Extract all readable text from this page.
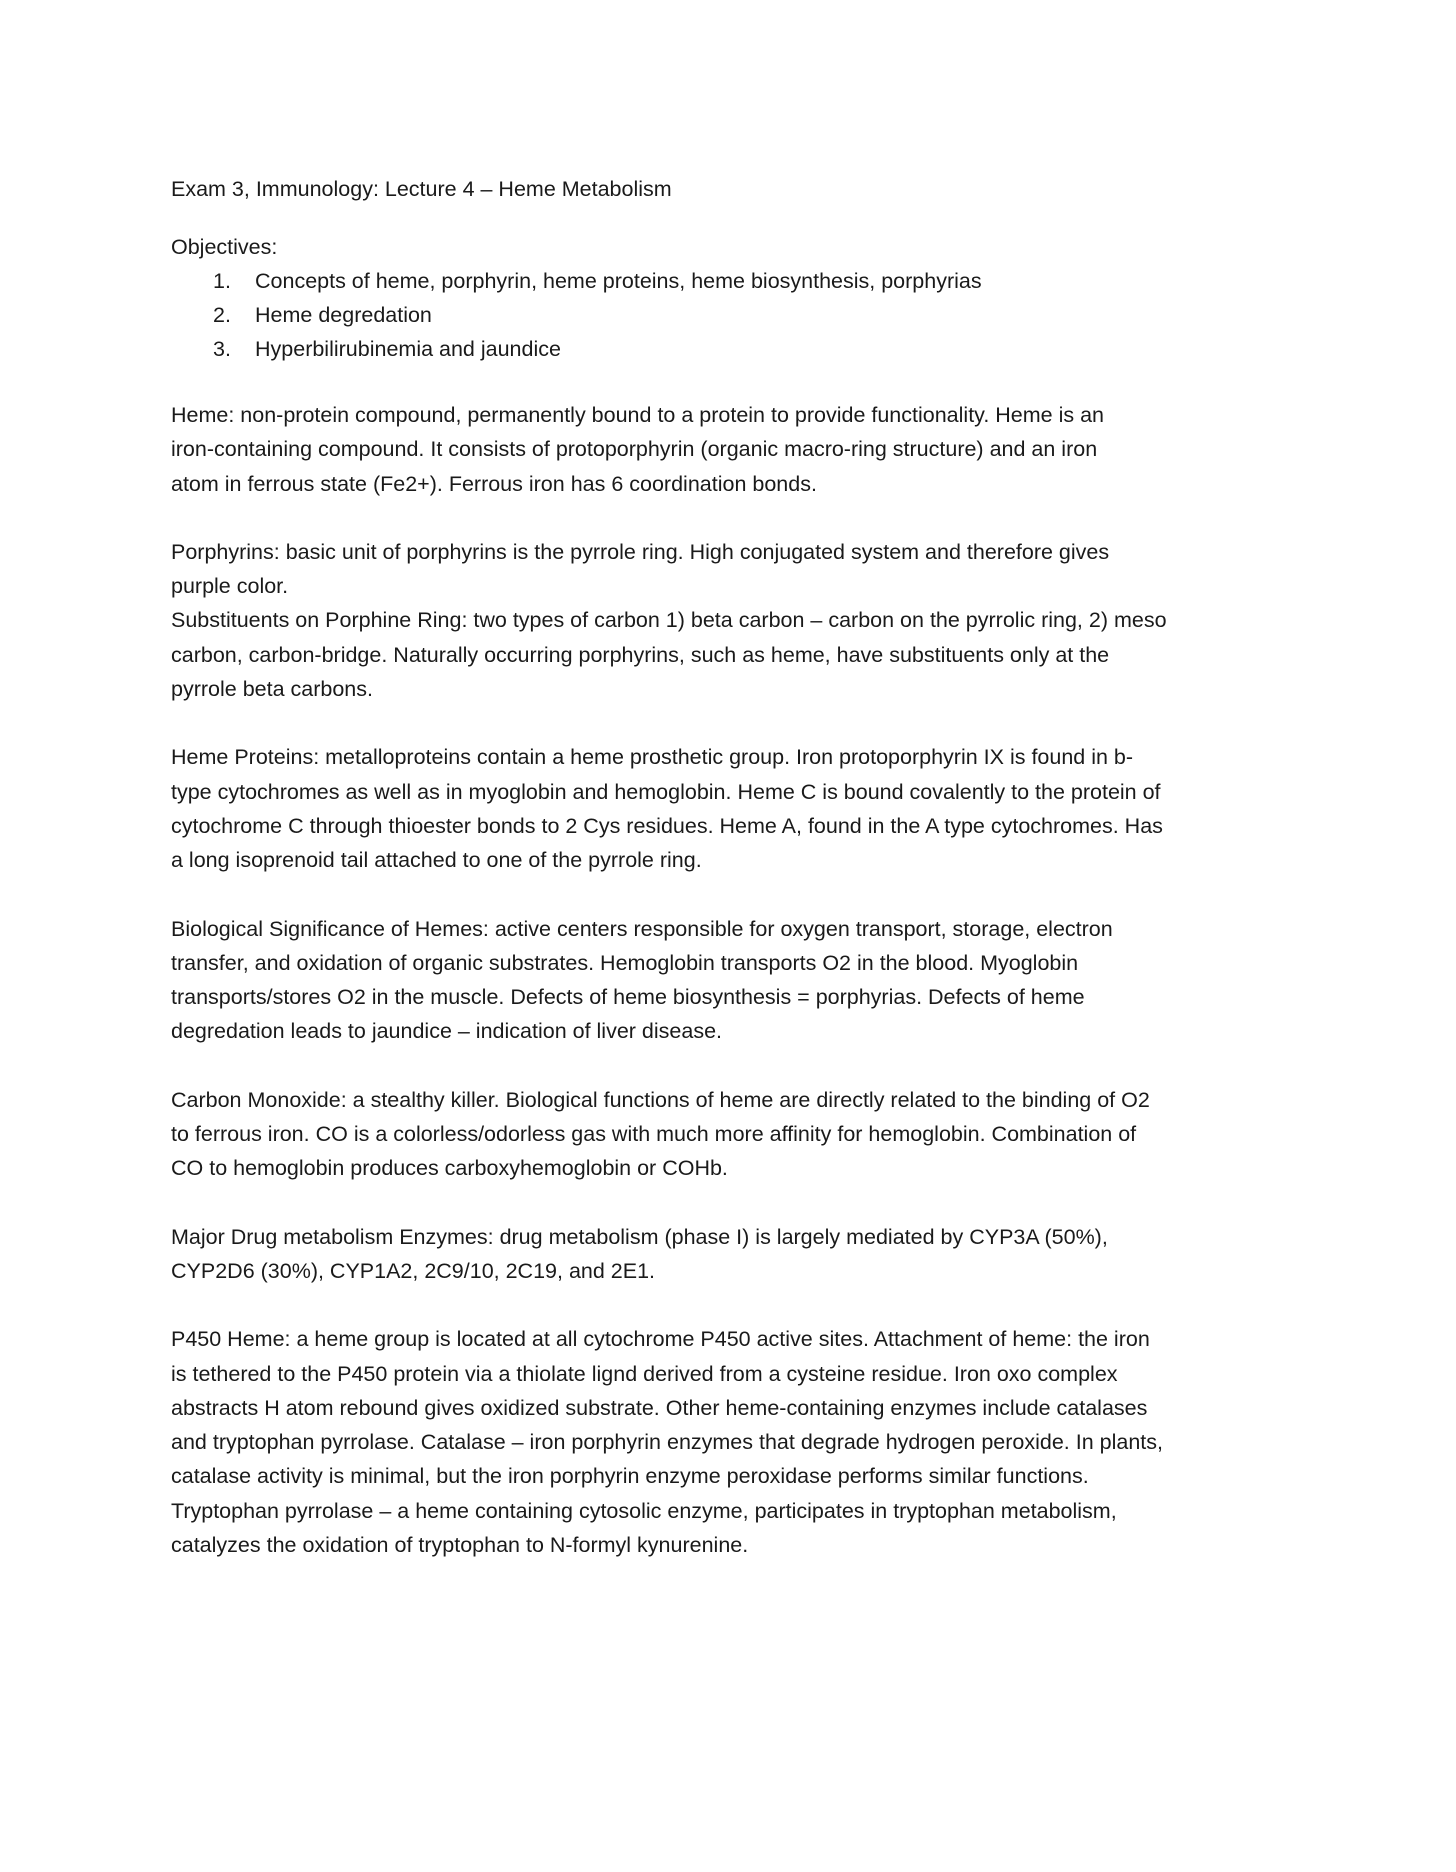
Exam 3, Immunology: Lecture 4 – Heme Metabolism
Objectives:
1. Concepts of heme, porphyrin, heme proteins, heme biosynthesis, porphyrias
2. Heme degredation
3. Hyperbilirubinemia and jaundice
Heme: non-protein compound, permanently bound to a protein to provide functionality. Heme is an
iron-containing compound. It consists of protoporphyrin (organic macro-ring structure) and an iron
atom in ferrous state (Fe2+). Ferrous iron has 6 coordination bonds.
Porphyrins: basic unit of porphyrins is the pyrrole ring. High conjugated system and therefore gives
purple color.
Substituents on Porphine Ring: two types of carbon 1) beta carbon – carbon on the pyrrolic ring, 2) meso
carbon, carbon-bridge. Naturally occurring porphyrins, such as heme, have substituents only at the
pyrrole beta carbons.
Heme Proteins: metalloproteins contain a heme prosthetic group. Iron protoporphyrin IX is found in b-
type cytochromes as well as in myoglobin and hemoglobin. Heme C is bound covalently to the protein of
cytochrome C through thioester bonds to 2 Cys residues. Heme A, found in the A type cytochromes. Has
a long isoprenoid tail attached to one of the pyrrole ring.
Biological Significance of Hemes: active centers responsible for oxygen transport, storage, electron
transfer, and oxidation of organic substrates. Hemoglobin transports O2 in the blood. Myoglobin
transports/stores O2 in the muscle. Defects of heme biosynthesis = porphyrias. Defects of heme
degredation leads to jaundice – indication of liver disease.
Carbon Monoxide: a stealthy killer. Biological functions of heme are directly related to the binding of O2
to ferrous iron. CO is a colorless/odorless gas with much more affinity for hemoglobin. Combination of
CO to hemoglobin produces carboxyhemoglobin or COHb.
Major Drug metabolism Enzymes: drug metabolism (phase I) is largely mediated by CYP3A (50%),
CYP2D6 (30%), CYP1A2, 2C9/10, 2C19, and 2E1.
P450 Heme: a heme group is located at all cytochrome P450 active sites. Attachment of heme: the iron
is tethered to the P450 protein via a thiolate lignd derived from a cysteine residue. Iron oxo complex
abstracts H atom rebound gives oxidized substrate. Other heme-containing enzymes include catalases
and tryptophan pyrrolase. Catalase – iron porphyrin enzymes that degrade hydrogen peroxide. In plants,
catalase activity is minimal, but the iron porphyrin enzyme peroxidase performs similar functions.
Tryptophan pyrrolase – a heme containing cytosolic enzyme, participates in tryptophan metabolism,
catalyzes the oxidation of tryptophan to N-formyl kynurenine.
